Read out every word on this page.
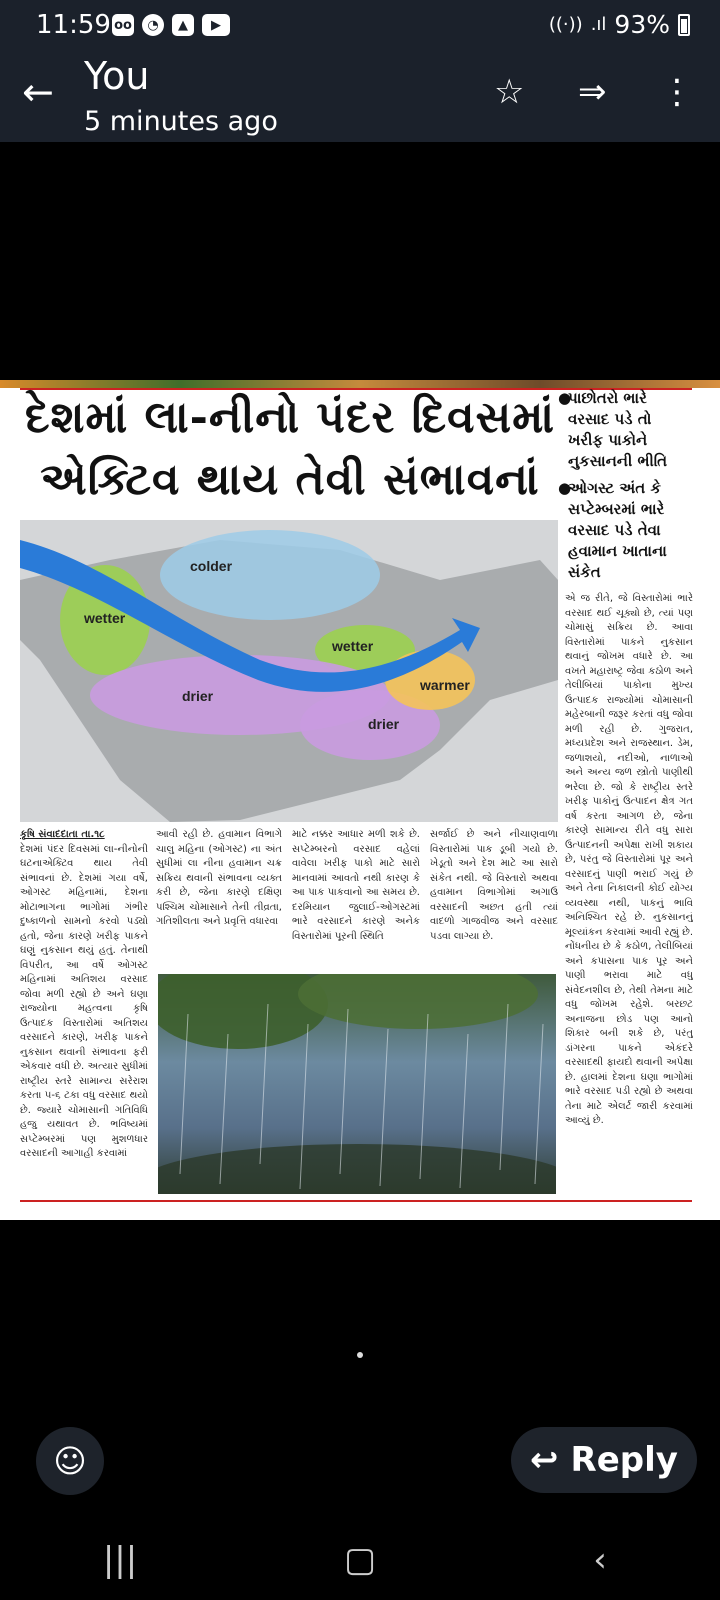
11:59 oo	◔	▲	▶	((·)) .ıl 93%
← You
5 minutes ago
☆ ⇒ ⋮
દેશમાં લા-નીનો પંદર દિવસમાં
એક્ટિવ થાય તેવી સંભાવનાં
●
પાછોતરો ભારે વરસાદ પડે તો ખરીફ પાકોને નુકસાનની ભીતિ
●
ઓગસ્ટ અંત કે સપ્ટેમ્બરમાં ભારે વરસાદ પડે તેવા હવામાન ખાતાના સંકેત
colder
wetter
wetter
warmer
drier
drier
એ જ રીતે, જે વિસ્તારોમાં ભારે વરસાદ થઈ ચૂક્યો છે, ત્યાં પણ ચોમાસું સક્રિય છે. આવા વિસ્તારોમાં પાકને નુકસાન થવાનું જોખમ વધારે છે. આ વખતે મહારાષ્ટ્ર જેવા કઠોળ અને તેલીબિયાં પાકોના મુખ્ય ઉત્પાદક રાજ્યોમાં ચોમાસાની મહેરબાની જરૂર કરતાં વધુ જોવા મળી રહી છે. ગુજરાત, મધ્યપ્રદેશ અને રાજસ્થાન. ડેમ, જળાશયો, નદીઓ, નાળાઓ અને અન્ય જળ સ્ત્રોતો પાણીથી ભરેલા છે. જો કે રાષ્ટ્રીય સ્તરે ખરીફ પાકોનું ઉત્પાદન ક્ષેત્ર ગત વર્ષ કરતા આગળ છે, જેના કારણે સામાન્ય રીતે વધુ સારા ઉત્પાદનની અપેક્ષા રાખી શકાય છે, પરંતુ જે વિસ્તારોમાં પૂર અને વરસાદનું પાણી ભરાઈ ગયું છે અને તેના નિકાલની કોઈ યોગ્ય વ્યવસ્થા નથી, પાકનું ભાવિ અનિશ્ચિત રહે છે. નુકસાનનું મૂલ્યાંકન કરવામાં આવી રહ્યું છે. નોંધનીય છે કે કઠોળ, તેલીબિયાં અને કપાસના પાક પૂર અને પાણી ભરાવા માટે વધુ સંવેદનશીલ છે, તેથી તેમના માટે વધુ જોખમ રહેશે. બરછટ અનાજના છોડ પણ આનો શિકાર બની શકે છે, પરંતુ ડાંગરના પાકને એકંદરે વરસાદથી ફાયદો થવાની અપેક્ષા છે. હાલમાં દેશના ઘણા ભાગોમાં ભારે વરસાદ પડી રહ્યો છે અથવા તેના માટે એલર્ટ જારી કરવામાં આવ્યું છે.
કૃષિ સંવાદદાતા તા.૧૮
દેશમાં પંદર દિવસમાં લા-નીનોની ઘટનાએક્ટિવ થાય તેવી સંભાવનાં છે. દેશમાં ગયા વર્ષે, ઓગસ્ટ મહિનામાં, દેશના મોટાભાગના ભાગોમાં ગંભીર દુષ્કાળનો સામનો કરવો પડ્યો હતો, જેના કારણે ખરીફ પાકને ઘણું નુકસાન થયું હતું. તેનાથી વિપરીત, આ વર્ષે ઓગસ્ટ મહિનામાં અતિશય વરસાદ જોવા મળી રહ્યો છે અને ઘણા રાજ્યોના મહત્વના કૃષિ ઉત્પાદક વિસ્તારોમાં અતિશય વરસાદને કારણે, ખરીફ પાકને નુકસાન થવાની સંભાવના ફરી એકવાર વધી છે. અત્યાર સુધીમાં રાષ્ટ્રીય સ્તરે સામાન્ય સરેરાશ કરતા ૫-૬ ટકા વધુ વરસાદ થયો છે. જ્યારે ચોમાસાની ગતિવિધિ હજુ યથાવત છે. ભવિષ્યમાં સપ્ટેમ્બરમાં પણ મુશળધાર વરસાદની આગાહી કરવામાં
આવી રહી છે. હવામાન વિભાગે ચાલુ મહિના (ઓગસ્ટ) ના અંત સુધીમાં લા નીના હવામાન ચક્ર સક્રિય થવાની સંભાવના વ્યક્ત કરી છે, જેના કારણે દક્ષિણ પશ્ચિમ ચોમાસાને તેની તીવ્રતા, ગતિશીલતા અને પ્રવૃત્તિ વધારવા
માટે નક્કર આધાર મળી શકે છે. સપ્ટેમ્બરનો વરસાદ વહેલાં વાવેલા ખરીફ પાકો માટે સારો માનવામાં આવતો નથી કારણ કે આ પાક પાકવાનો આ સમય છે. દરમિયાન જુલાઈ-ઓગસ્ટમાં ભારે વરસાદને કારણે અનેક વિસ્તારોમાં પૂરની સ્થિતિ
સર્જાઈ છે અને નીચાણવાળા વિસ્તારોમાં પાક ડૂબી ગયો છે. ખેડૂતો અને દેશ માટે આ સારો સંકેત નથી. જે વિસ્તારો અથવા હવામાન વિભાગોમાં અગાઉ વરસાદની અછત હતી ત્યાં વાદળો ગાજવીજ અને વરસાદ પડવા લાગ્યા છે.
☺	↩ Reply
|||	▢	‹
